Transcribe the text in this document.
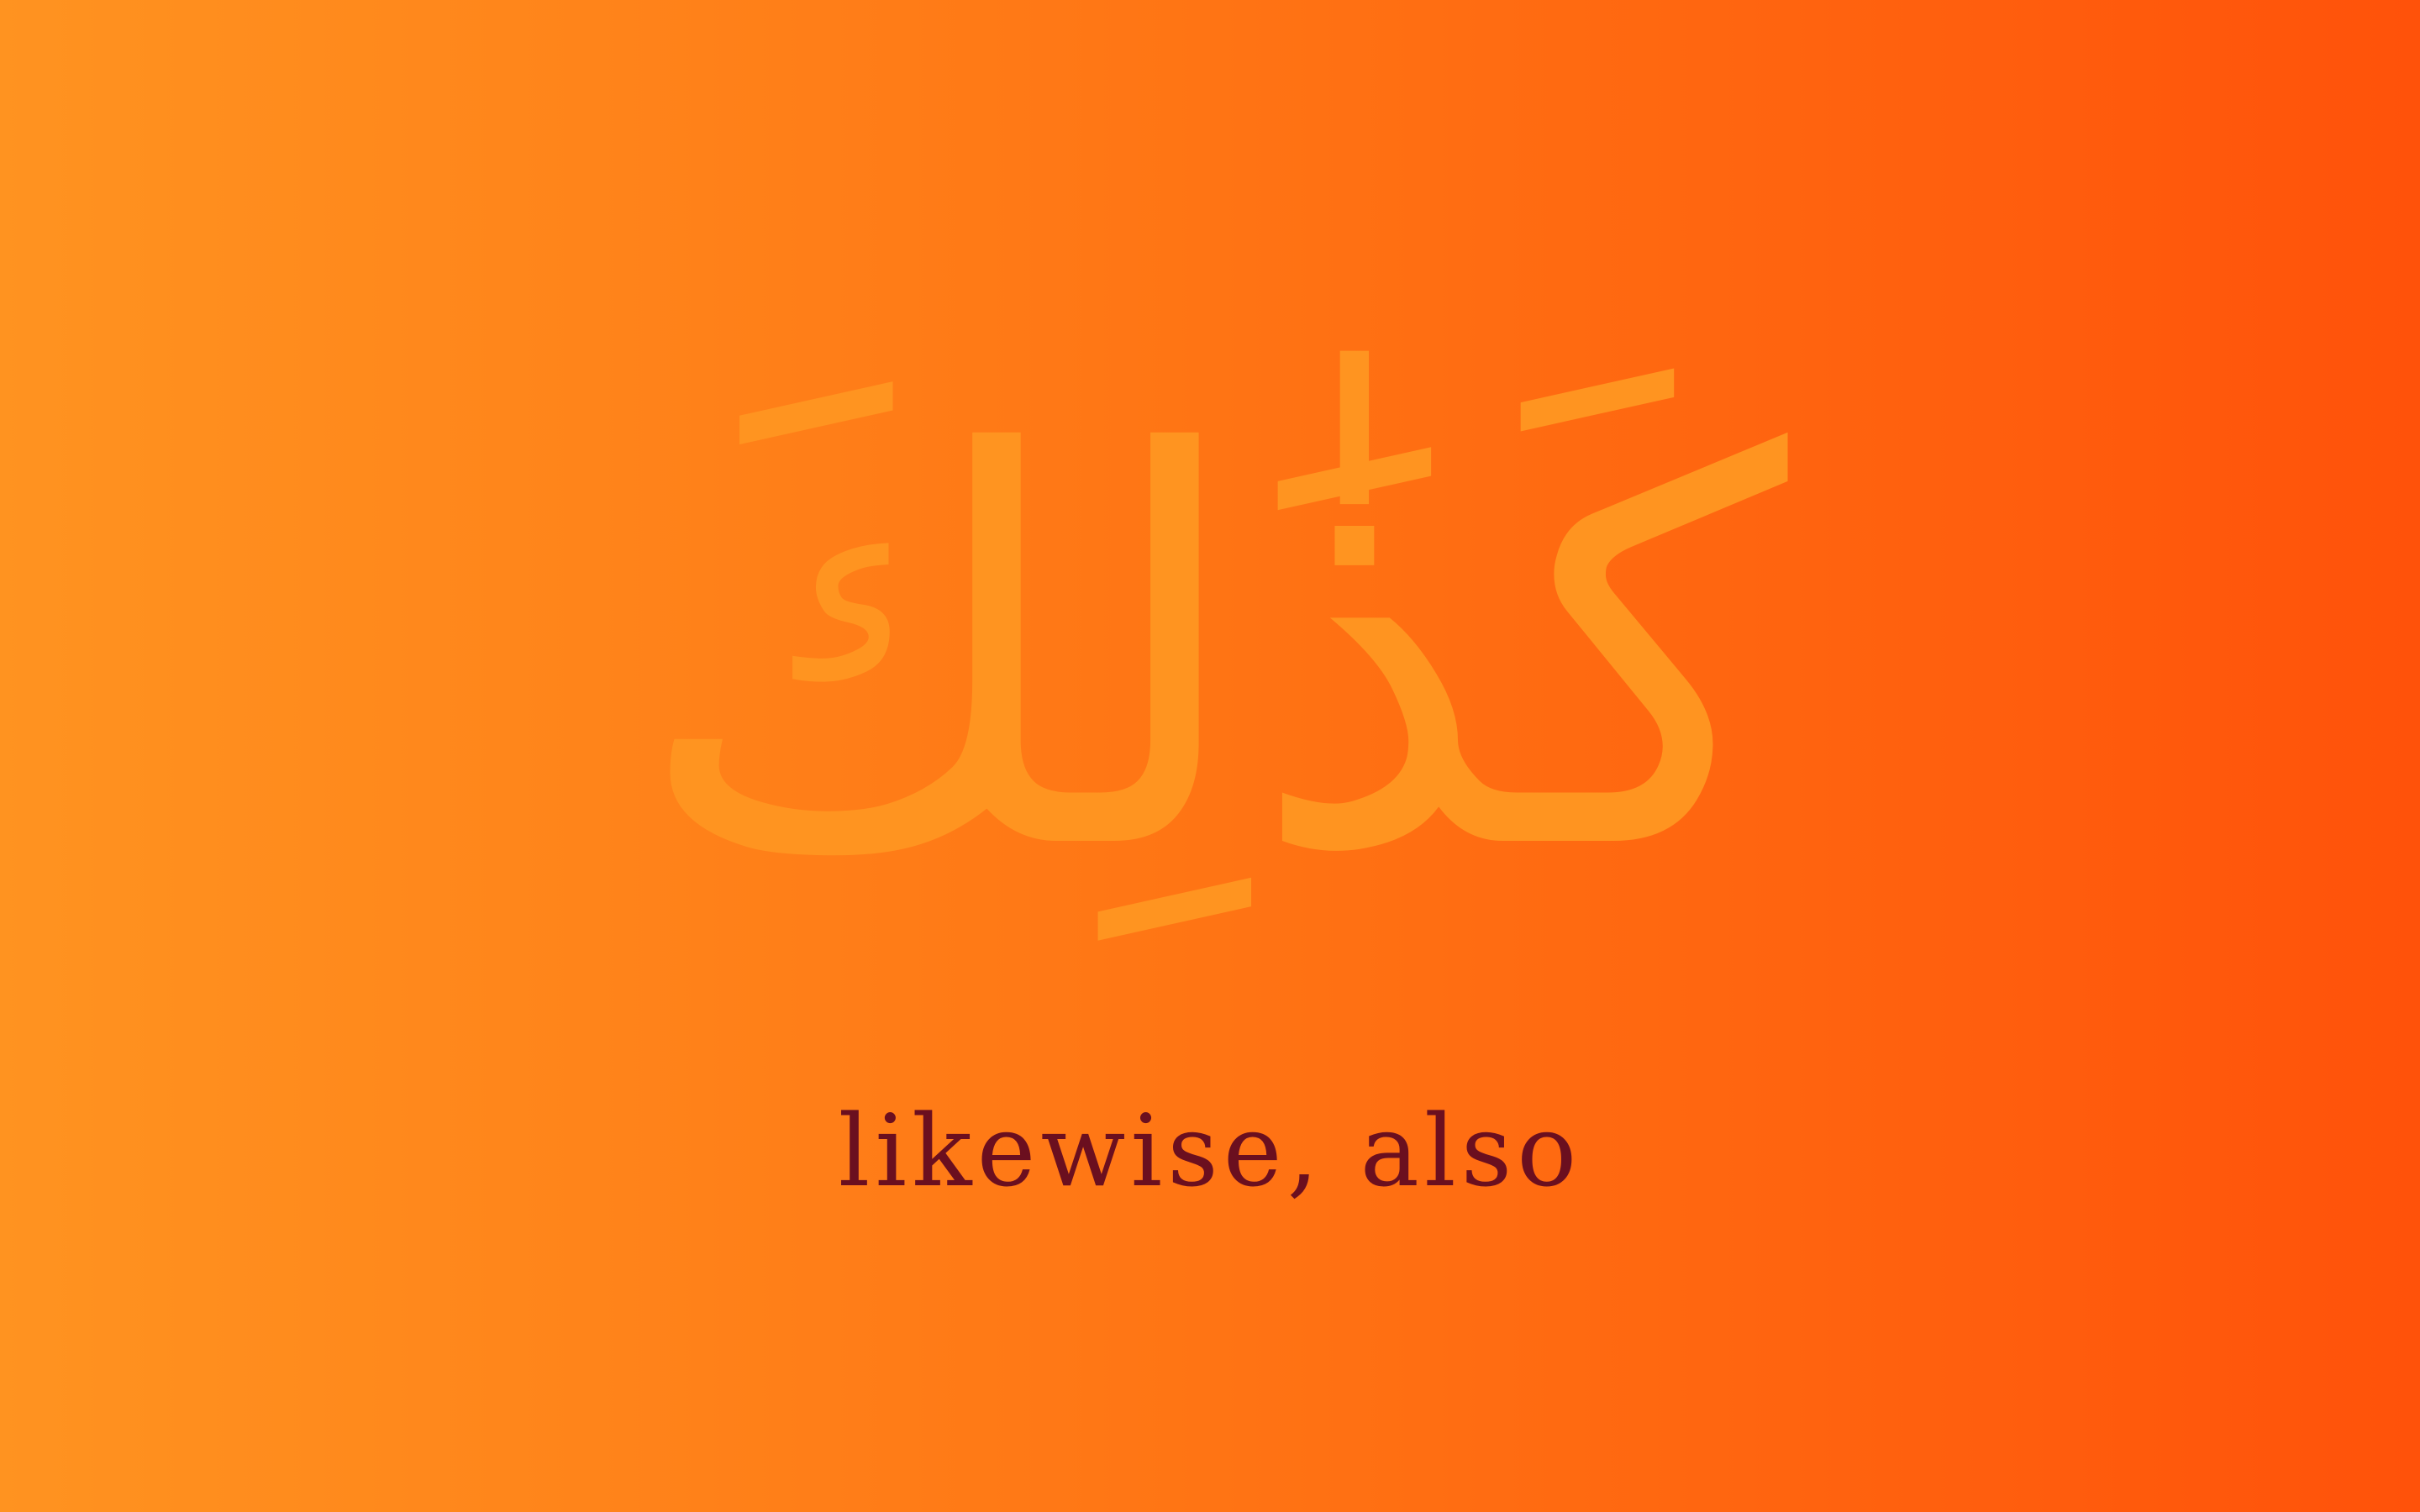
كَذَٰلِكَ
likewise, also
